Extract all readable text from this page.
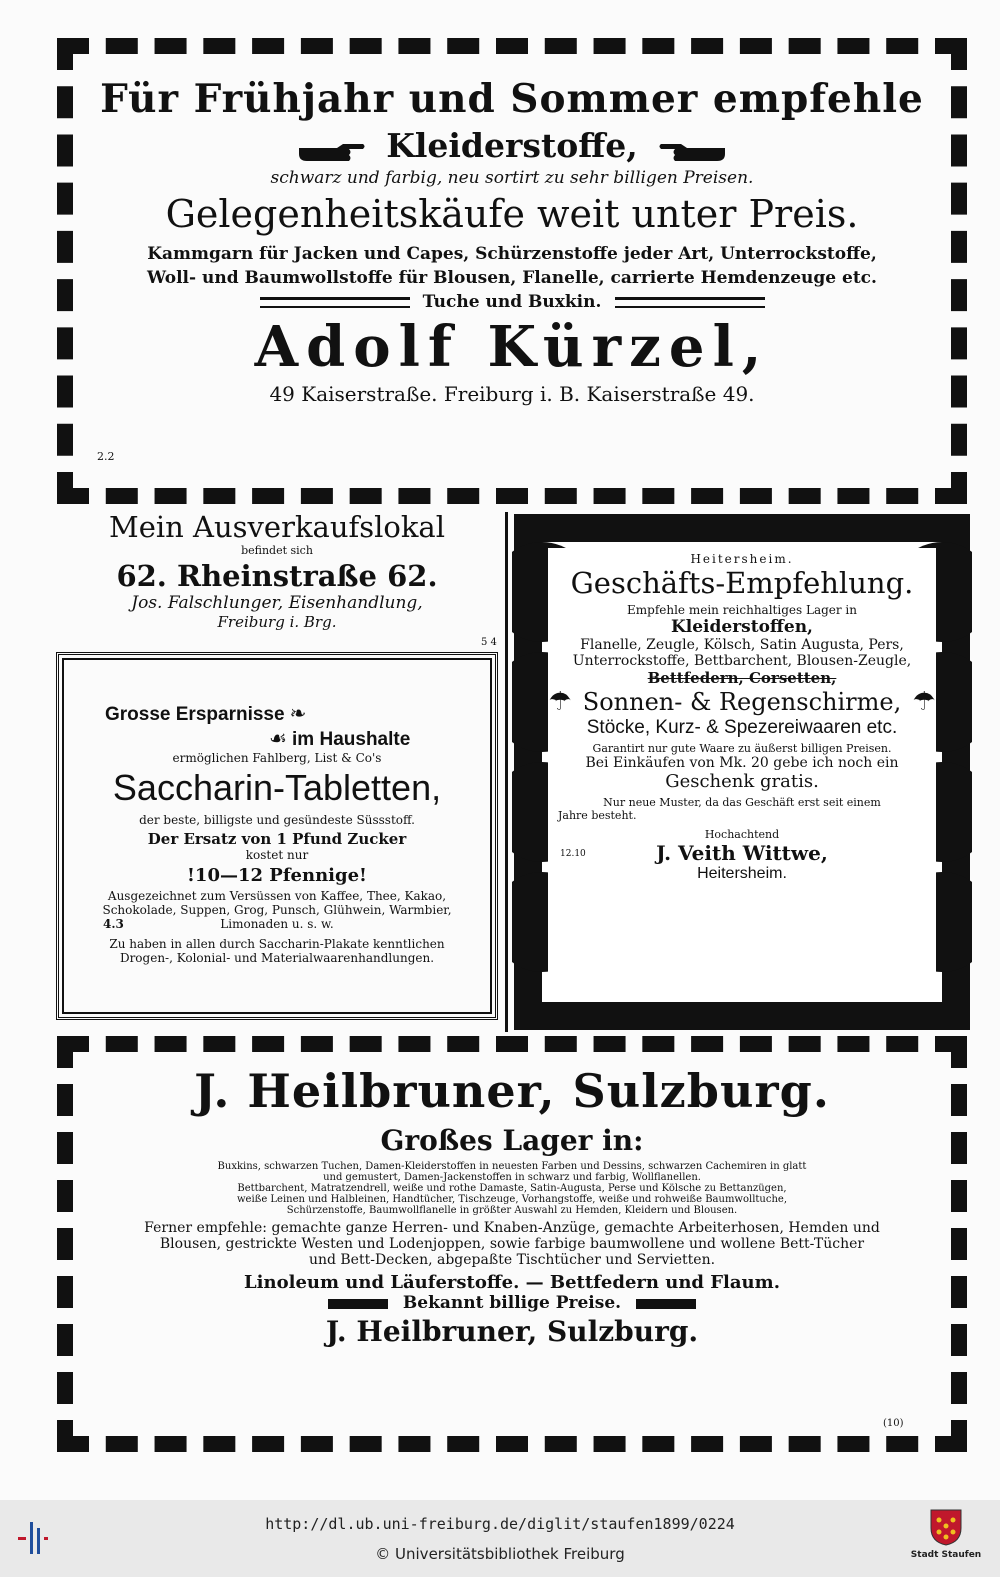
Für Frühjahr und Sommer empfehle
Kleiderstoffe,
schwarz und farbig, neu sortirt zu sehr billigen Preisen.
Gelegenheitskäufe weit unter Preis.
Kammgarn für Jacken und Capes, Schürzenstoffe jeder Art, Unterrockstoffe,
Woll- und Baumwollstoffe für Blousen, Flanelle, carrierte Hemdenzeuge etc.
Tuche und Buxkin.
Adolf Kürzel,
49 Kaiserstraße. Freiburg i. B. Kaiserstraße 49.
2.2
Mein Ausverkaufslokal
befindet sich
62. Rheinstraße 62.
Jos. Falschlunger, Eisenhandlung,
Freiburg i. Brg.
5 4
Grosse Ersparnisse ❧
☙ im Haushalte
ermöglichen Fahlberg, List & Co's
Saccharin-Tabletten,
der beste, billigste und gesündeste Süssstoff.
Der Ersatz von 1 Pfund Zucker
kostet nur
!10—12 Pfennige!
Ausgezeichnet zum Versüssen von Kaffee, Thee, Kakao,
Schokolade, Suppen, Grog, Punsch, Glühwein, Warmbier,
4.3	Limonaden u. s. w.
Zu haben in allen durch Saccharin-Plakate kenntlichen
Drogen-, Kolonial- und Materialwaarenhandlungen.
Heitersheim.
Geschäfts-Empfehlung.
Empfehle mein reichhaltiges Lager in
Kleiderstoffen,
Flanelle, Zeugle, Kölsch, Satin Augusta, Pers,
Unterrockstoffe, Bettbarchent, Blousen-Zeugle,
Bettfedern, Corsetten,
☂ Sonnen- & Regenschirme, ☂
Stöcke, Kurz- & Spezereiwaaren etc.
Garantirt nur gute Waare zu äußerst billigen Preisen.
Bei Einkäufen von Mk. 20 gebe ich noch ein
Geschenk gratis.
Nur neue Muster, da das Geschäft erst seit einem
Jahre besteht.
Hochachtend
12.10	J. Veith Wittwe,
Heitersheim.
J. Heilbruner, Sulzburg.
Großes Lager in:
Buxkins, schwarzen Tuchen, Damen-Kleiderstoffen in neuesten Farben und Dessins, schwarzen Cachemiren in glatt
und gemustert, Damen-Jackenstoffen in schwarz und farbig, Wollflanellen.
Bettbarchent, Matratzendrell, weiße und rothe Damaste, Satin-Augusta, Perse und Kölsche zu Bettanzügen,
weiße Leinen und Halbleinen, Handtücher, Tischzeuge, Vorhangstoffe, weiße und rohweiße Baumwolltuche,
Schürzenstoffe, Baumwollflanelle in größter Auswahl zu Hemden, Kleidern und Blousen.
Ferner empfehle: gemachte ganze Herren- und Knaben-Anzüge, gemachte Arbeiterhosen, Hemden und
Blousen, gestrickte Westen und Lodenjoppen, sowie farbige baumwollene und wollene Bett-Tücher
und Bett-Decken, abgepaßte Tischtücher und Servietten.
Linoleum und Läuferstoffe. — Bettfedern und Flaum.
Bekannt billige Preise.
J. Heilbruner, Sulzburg.
(10)
http://dl.ub.uni-freiburg.de/diglit/staufen1899/0224
© Universitätsbibliothek Freiburg	Stadt Staufen
